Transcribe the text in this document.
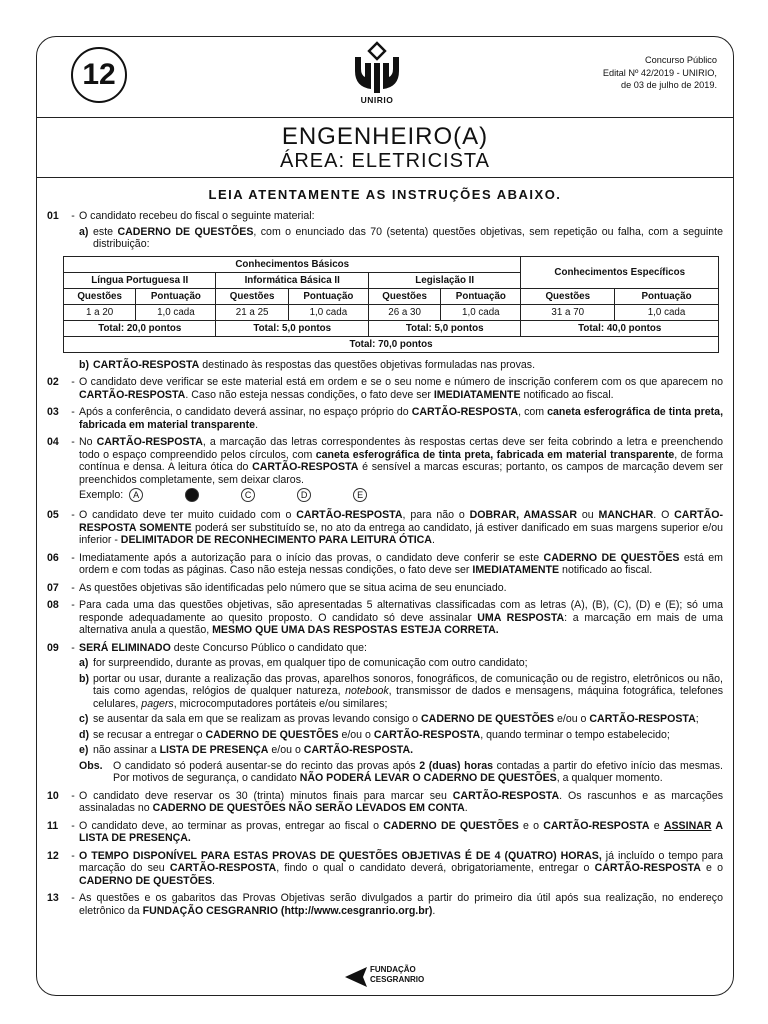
12
UNIRIO
Concurso Público
Edital Nº 42/2019 - UNIRIO,
de 03 de julho de 2019.
ENGENHEIRO(A)
ÁREA: ELETRICISTA
LEIA ATENTAMENTE AS INSTRUÇÕES ABAIXO.
01	- O candidato recebeu do fiscal o seguinte material:
a) este CADERNO DE QUESTÕES, com o enunciado das 70 (setenta) questões objetivas, sem repetição ou falha, com a seguinte distribuição:
Conhecimentos Básicos						Conhecimentos Específicos	
Língua Portuguesa II		Informática Básica II		Legislação II			
Questões	Pontuação	Questões	Pontuação	Questões	Pontuação	Questões	Pontuação
1 a 20	1,0 cada	21 a 25	1,0 cada	26 a 30	1,0 cada	31 a 70	1,0 cada
Total: 20,0 pontos		Total: 5,0 pontos		Total: 5,0 pontos		Total: 40,0 pontos	
Total: 70,0 pontos							
b) CARTÃO-RESPOSTA destinado às respostas das questões objetivas formuladas nas provas.
02	- O candidato deve verificar se este material está em ordem e se o seu nome e número de inscrição conferem com os que aparecem no CARTÃO-RESPOSTA. Caso não esteja nessas condições, o fato deve ser IMEDIATAMENTE notificado ao fiscal.
03	- Após a conferência, o candidato deverá assinar, no espaço próprio do CARTÃO-RESPOSTA, com caneta esferográfica de tinta preta, fabricada em material transparente.
04	- No CARTÃO-RESPOSTA, a marcação das letras correspondentes às respostas certas deve ser feita cobrindo a letra e preenchendo todo o espaço compreendido pelos círculos, com caneta esferográfica de tinta preta, fabricada em material transparente, de forma contínua e densa. A leitura ótica do CARTÃO-RESPOSTA é sensível a marcas escuras; portanto, os campos de marcação devem ser preenchidos completamente, sem deixar claros.
Exemplo:	A	C	D	E
05	- O candidato deve ter muito cuidado com o CARTÃO-RESPOSTA, para não o DOBRAR, AMASSAR ou MANCHAR. O CARTÃO-RESPOSTA SOMENTE poderá ser substituído se, no ato da entrega ao candidato, já estiver danificado em suas margens superior e/ou inferior - DELIMITADOR DE RECONHECIMENTO PARA LEITURA ÓTICA.
06	- Imediatamente após a autorização para o início das provas, o candidato deve conferir se este CADERNO DE QUESTÕES está em ordem e com todas as páginas. Caso não esteja nessas condições, o fato deve ser IMEDIATAMENTE notificado ao fiscal.
07	- As questões objetivas são identificadas pelo número que se situa acima de seu enunciado.
08	- Para cada uma das questões objetivas, são apresentadas 5 alternativas classificadas com as letras (A), (B), (C), (D) e (E); só uma responde adequadamente ao quesito proposto. O candidato só deve assinalar UMA RESPOSTA: a marcação em mais de uma alternativa anula a questão, MESMO QUE UMA DAS RESPOSTAS ESTEJA CORRETA.
09	- SERÁ ELIMINADO deste Concurso Público o candidato que:
a) for surpreendido, durante as provas, em qualquer tipo de comunicação com outro candidato;
b) portar ou usar, durante a realização das provas, aparelhos sonoros, fonográficos, de comunicação ou de registro, eletrônicos ou não, tais como agendas, relógios de qualquer natureza, notebook, transmissor de dados e mensagens, máquina fotográfica, telefones celulares, pagers, microcomputadores portáteis e/ou similares;
c) se ausentar da sala em que se realizam as provas levando consigo o CADERNO DE QUESTÕES e/ou o CARTÃO-RESPOSTA;
d) se recusar a entregar o CADERNO DE QUESTÕES e/ou o CARTÃO-RESPOSTA, quando terminar o tempo estabelecido;
e) não assinar a LISTA DE PRESENÇA e/ou o CARTÃO-RESPOSTA.
Obs. O candidato só poderá ausentar-se do recinto das provas após 2 (duas) horas contadas a partir do efetivo início das mesmas. Por motivos de segurança, o candidato NÃO PODERÁ LEVAR O CADERNO DE QUESTÕES, a qualquer momento.
10	- O candidato deve reservar os 30 (trinta) minutos finais para marcar seu CARTÃO-RESPOSTA. Os rascunhos e as marcações assinaladas no CADERNO DE QUESTÕES NÃO SERÃO LEVADOS EM CONTA.
11	- O candidato deve, ao terminar as provas, entregar ao fiscal o CADERNO DE QUESTÕES e o CARTÃO-RESPOSTA e ASSINAR A LISTA DE PRESENÇA.
12	- O TEMPO DISPONÍVEL PARA ESTAS PROVAS DE QUESTÕES OBJETIVAS É DE 4 (QUATRO) HORAS, já incluído o tempo para marcação do seu CARTÃO-RESPOSTA, findo o qual o candidato deverá, obrigatoriamente, entregar o CARTÃO-RESPOSTA e o CADERNO DE QUESTÕES.
13	- As questões e os gabaritos das Provas Objetivas serão divulgados a partir do primeiro dia útil após sua realização, no endereço eletrônico da FUNDAÇÃO CESGRANRIO (http://www.cesgranrio.org.br).
FUNDAÇÃO
CESGRANRIO
